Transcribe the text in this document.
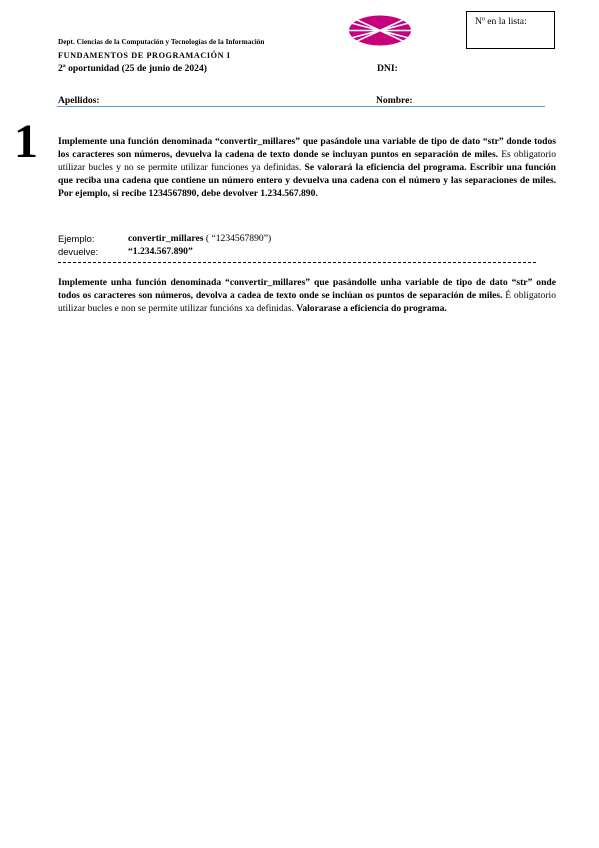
Dept. Ciencias de la Computación y Tecnologías de la Información
FUNDAMENTOS DE PROGRAMACIÓN I
2ª oportunidad (25 de junio de 2024)	DNI:
Nº en la lista:
Apellidos:	Nombre:
1 Implemente una función denominada “convertir_millares” que pasándole una variable de tipo de dato “str” donde todos los caracteres son números, devuelva la cadena de texto donde se incluyan puntos en separación de miles. Es obligatorio utilizar bucles y no se permite utilizar funciones ya definidas. Se valorará la eficiencia del programa. Escribir una función que reciba una cadena que contiene un número entero y devuelva una cadena con el número y las separaciones de miles. Por ejemplo, si recibe 1234567890, debe devolver 1.234.567.890.
Ejemplo:	convertir_millares ( “1234567890”)
devuelve:	“1.234.567.890”
Implemente unha función denominada “convertir_millares” que pasándolle unha variable de tipo de dato “str” onde todos os caracteres son números, devolva a cadea de texto onde se inclúan os puntos de separación de miles. É obligatorio utilizar bucles e non se permite utilizar funcións xa definidas. Valorarase a eficiencia do programa.
